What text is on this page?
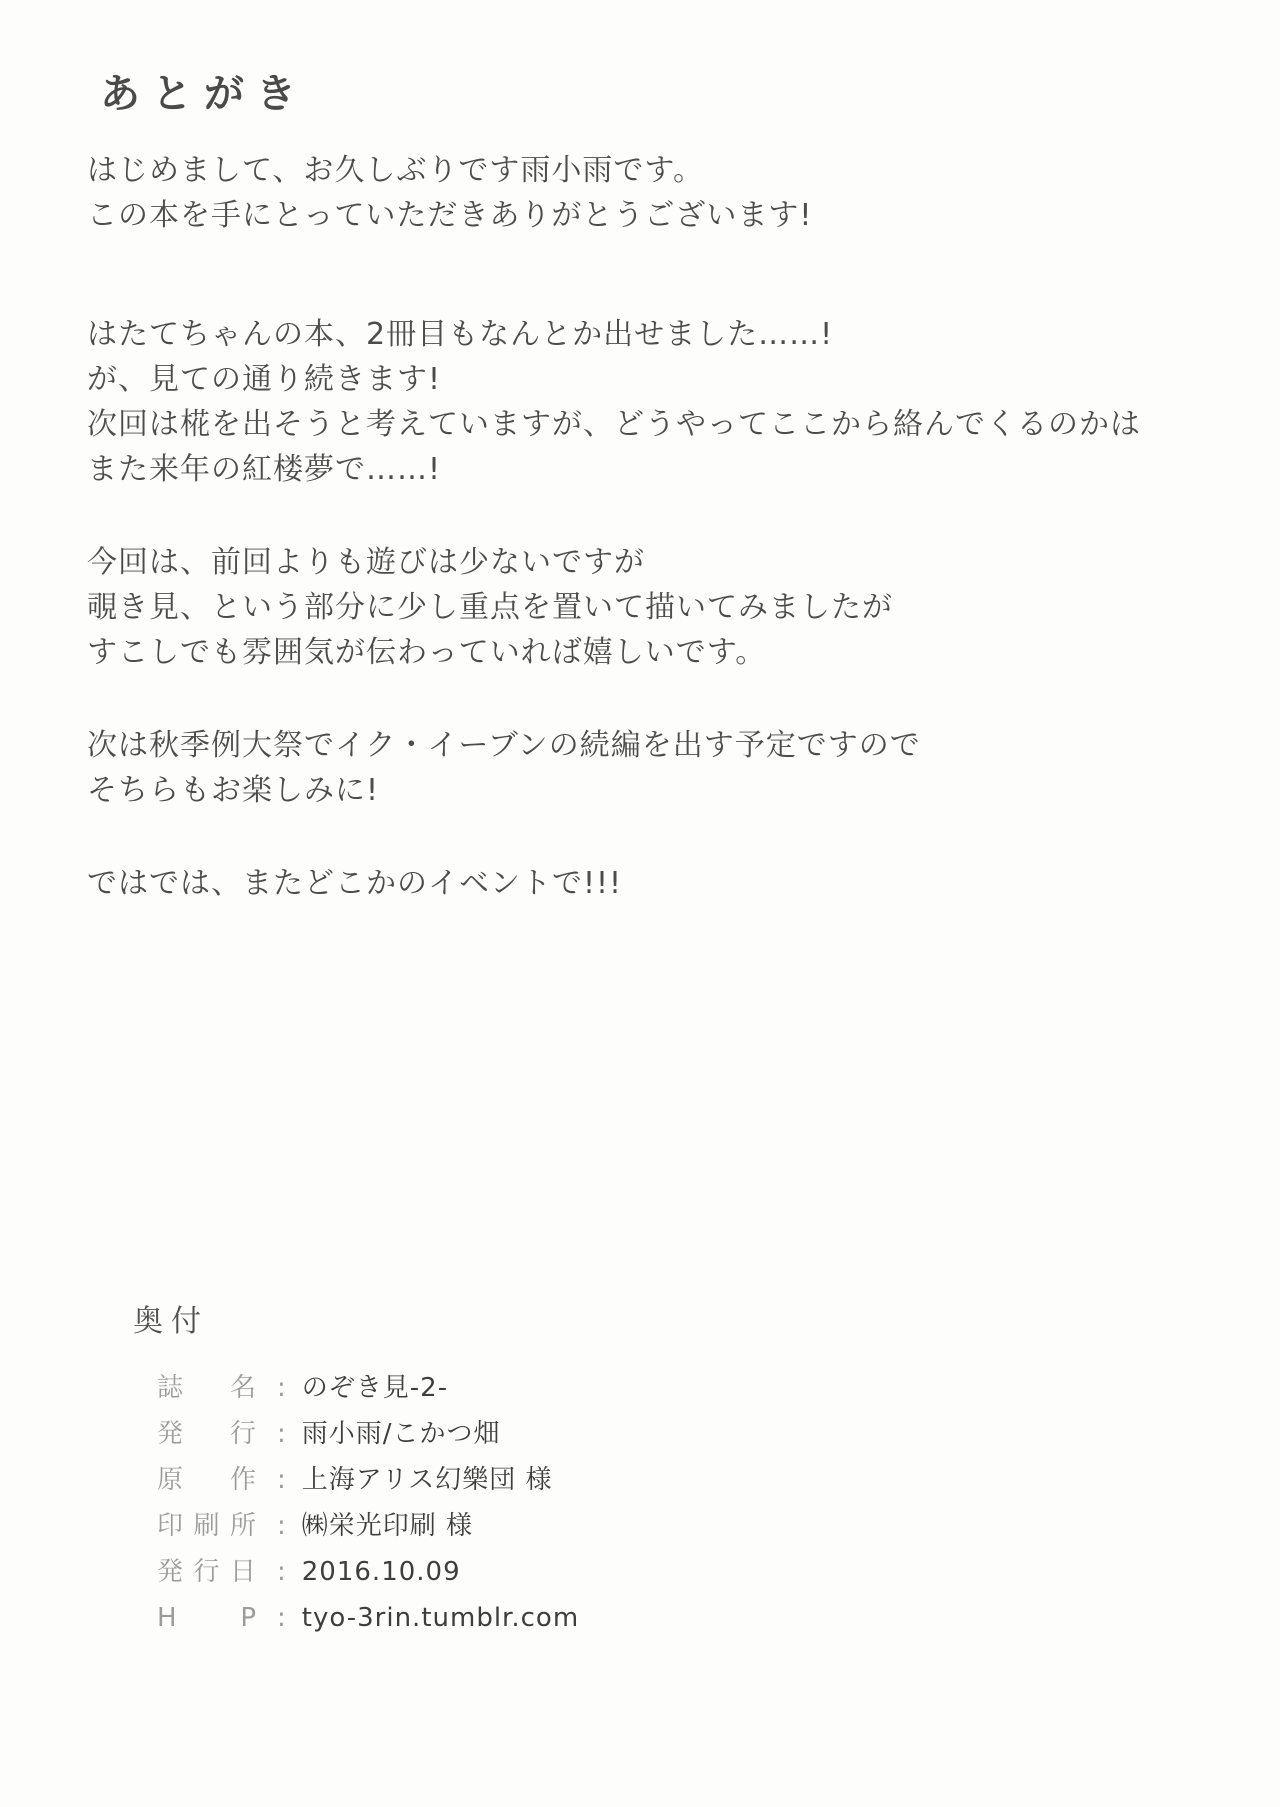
あとがき

はじめまして、お久しぶりです雨小雨です。
この本を手にとっていただきありがとうございます!

はたてちゃんの本、2冊目もなんとか出せました……!
が、見ての通り続きます!
次回は椛を出そうと考えていますが、どうやってここから絡んでくるのかは
また来年の紅楼夢で……!

今回は、前回よりも遊びは少ないですが
覗き見、という部分に少し重点を置いて描いてみましたが
すこしでも雰囲気が伝わっていれば嬉しいです。

次は秋季例大祭でイク・イーブンの続編を出す予定ですので
そちらもお楽しみに!

ではでは、またどこかのイベントで!!!

奥付
誌 名 : のぞき見-2-
発 行 : 雨小雨/こかつ畑
原 作 : 上海アリス幻樂団 様
印刷所 : ㈱栄光印刷 様
発行日 : 2016.10.09
H P : tyo-3rin.tumblr.com
